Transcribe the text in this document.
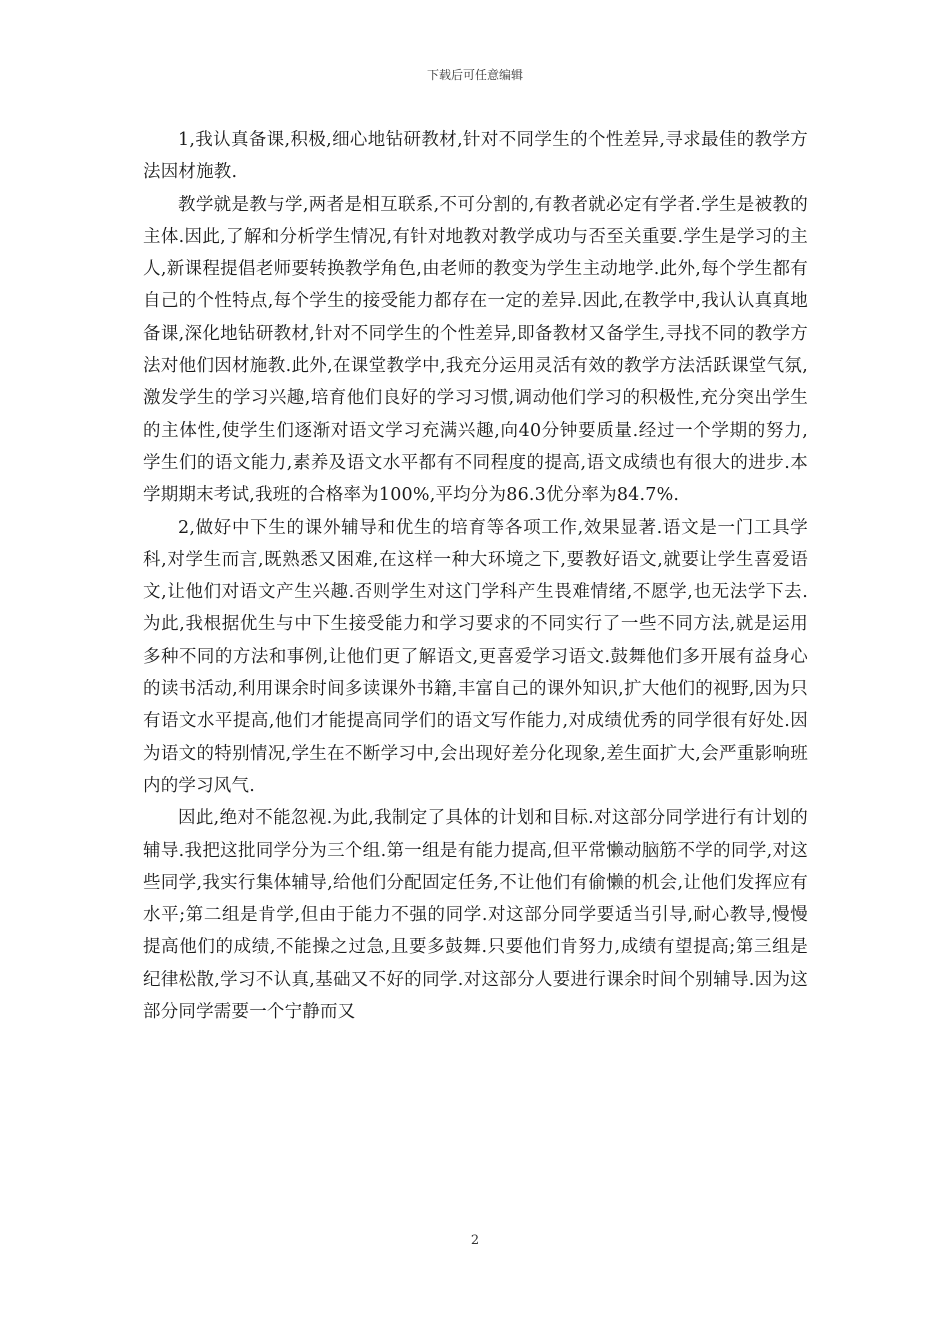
下载后可任意编辑

1,我认真备课,积极,细心地钻研教材,针对不同学生的个性差异,寻求最佳的教学方法因材施教.

教学就是教与学,两者是相互联系,不可分割的,有教者就必定有学者.学生是被教的主体.因此,了解和分析学生情况,有针对地教对教学成功与否至关重要.学生是学习的主人,新课程提倡老师要转换教学角色,由老师的教变为学生主动地学.此外,每个学生都有自己的个性特点,每个学生的接受能力都存在一定的差异.因此,在教学中,我认认真真地备课,深化地钻研教材,针对不同学生的个性差异,即备教材又备学生,寻找不同的教学方法对他们因材施教.此外,在课堂教学中,我充分运用灵活有效的教学方法活跃课堂气氛,激发学生的学习兴趣,培育他们良好的学习习惯,调动他们学习的积极性,充分突出学生的主体性,使学生们逐渐对语文学习充满兴趣,向40分钟要质量.经过一个学期的努力,学生们的语文能力,素养及语文水平都有不同程度的提高,语文成绩也有很大的进步.本学期期末考试,我班的合格率为100%,平均分为86.3优分率为84.7%.

2,做好中下生的课外辅导和优生的培育等各项工作,效果显著.语文是一门工具学科,对学生而言,既熟悉又困难,在这样一种大环境之下,要教好语文,就要让学生喜爱语文,让他们对语文产生兴趣.否则学生对这门学科产生畏难情绪,不愿学,也无法学下去.为此,我根据优生与中下生接受能力和学习要求的不同实行了一些不同方法,就是运用多种不同的方法和事例,让他们更了解语文,更喜爱学习语文.鼓舞他们多开展有益身心的读书活动,利用课余时间多读课外书籍,丰富自己的课外知识,扩大他们的视野,因为只有语文水平提高,他们才能提高同学们的语文写作能力,对成绩优秀的同学很有好处.因为语文的特别情况,学生在不断学习中,会出现好差分化现象,差生面扩大,会严重影响班内的学习风气.

因此,绝对不能忽视.为此,我制定了具体的计划和目标.对这部分同学进行有计划的辅导.我把这批同学分为三个组.第一组是有能力提高,但平常懒动脑筋不学的同学,对这些同学,我实行集体辅导,给他们分配固定任务,不让他们有偷懒的机会,让他们发挥应有水平;第二组是肯学,但由于能力不强的同学.对这部分同学要适当引导,耐心教导,慢慢提高他们的成绩,不能操之过急,且要多鼓舞.只要他们肯努力,成绩有望提高;第三组是纪律松散,学习不认真,基础又不好的同学.对这部分人要进行课余时间个别辅导.因为这部分同学需要一个宁静而又

2
